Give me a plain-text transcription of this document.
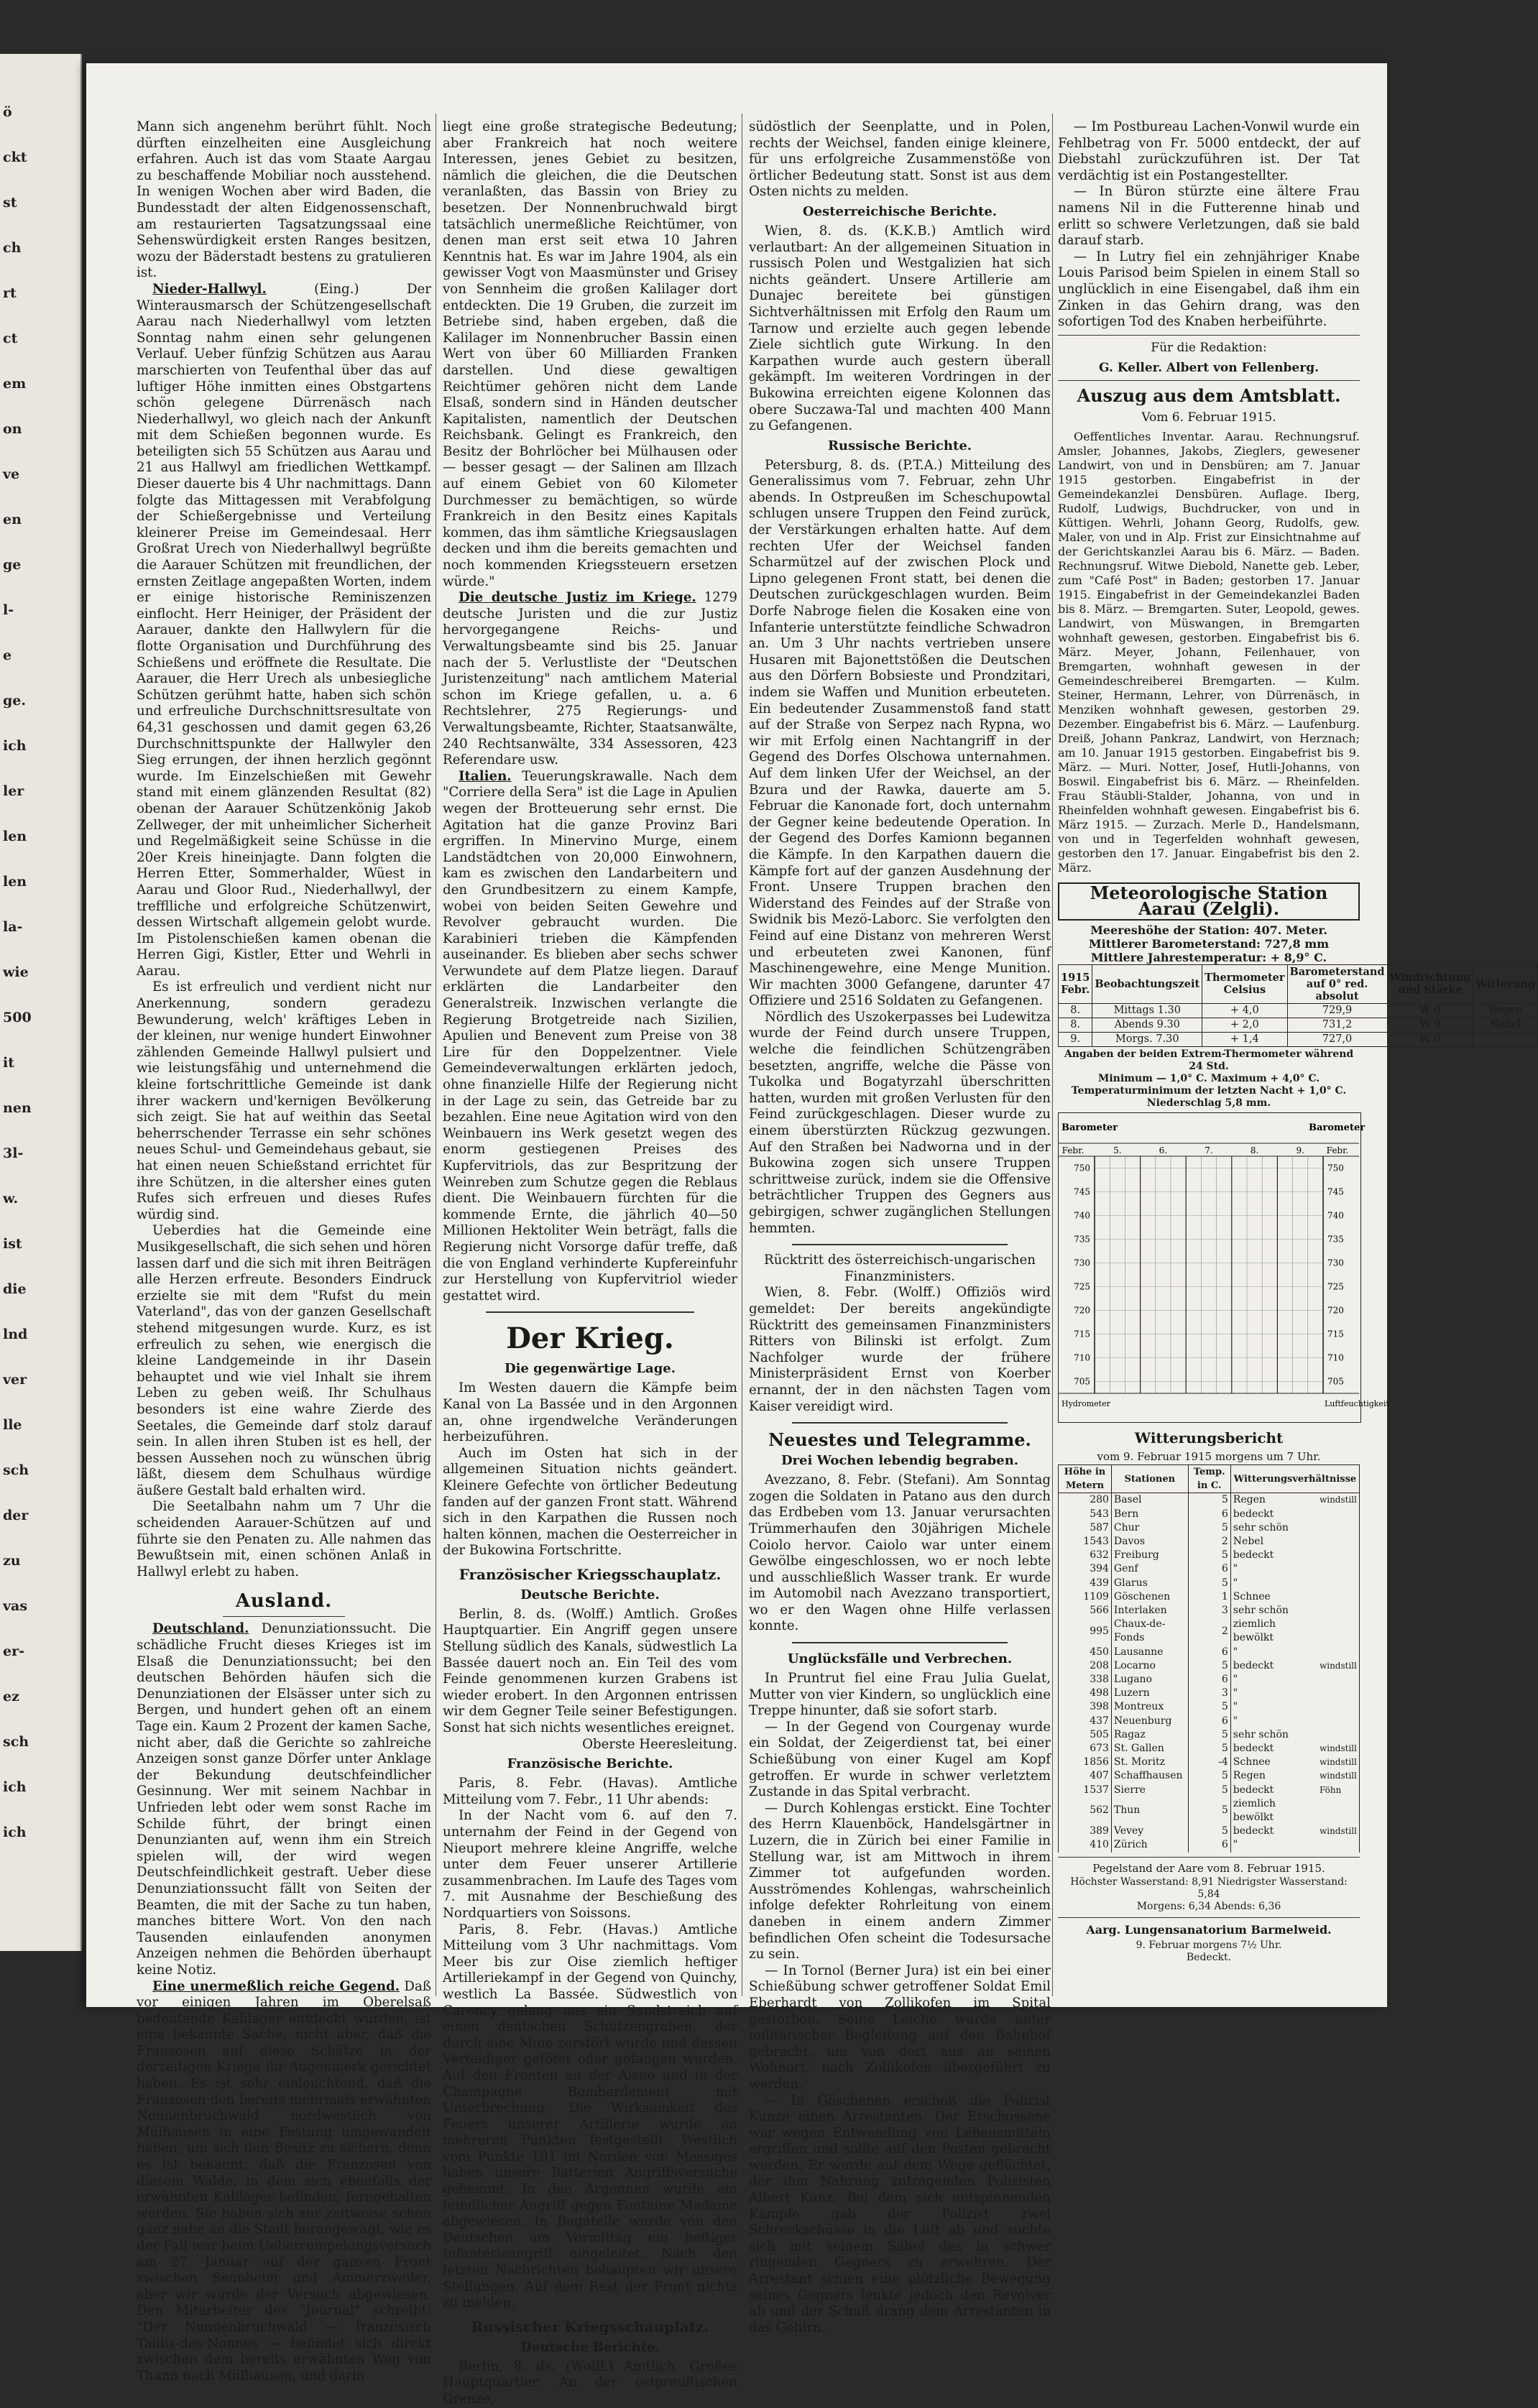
ö
ckt
st
ch
rt
ct
em
on
ve
en
ge
l-
e
ge.
ich
ler
len
len
la-
wie
500
it
nen
3l-
w.
ist
die
lnd
ver
lle
sch
der
zu
vas
er-
ez
sch
ich
ich

Mann sich angenehm berührt fühlt. Noch dürften einzelheiten eine Ausgleichung erfahren. Auch ist das vom Staate Aargau zu beschaffende Mobiliar noch ausstehend. In wenigen Wochen aber wird Baden, die Bundesstadt der alten Eidgenossenschaft, am restaurierten Tagsatzungssaal eine Sehenswürdigkeit ersten Ranges besitzen, wozu der Bäderstadt bestens zu gratulieren ist.

Nieder-Hallwyl. (Eing.) Der Winterausmarsch der Schützengesellschaft Aarau nach Niederhallwyl vom letzten Sonntag nahm einen sehr gelungenen Verlauf. Ueber fünfzig Schützen aus Aarau marschierten von Teufenthal über das auf luftiger Höhe inmitten eines Obstgartens schön gelegene Dürrenäsch nach Niederhallwyl, wo gleich nach der Ankunft mit dem Schießen begonnen wurde. Es beteiligten sich 55 Schützen aus Aarau und 21 aus Hallwyl am friedlichen Wettkampf. Dieser dauerte bis 4 Uhr nachmittags. Dann folgte das Mittagessen mit Verabfolgung der Schießergebnisse und Verteilung kleinerer Preise im Gemeindesaal. Herr Großrat Urech von Niederhallwyl begrüßte die Aarauer Schützen mit freundlichen, der ernsten Zeitlage angepaßten Worten, indem er einige historische Reminiszenzen einflocht. Herr Heiniger, der Präsident der Aarauer, dankte den Hallwylern für die flotte Organisation und Durchführung des Schießens und eröffnete die Resultate. Die Aarauer, die Herr Urech als unbesiegliche Schützen gerühmt hatte, haben sich schön und erfreuliche Durchschnittsresultate von 64,31 geschossen und damit gegen 63,26 Durchschnittspunkte der Hallwyler den Sieg errungen, der ihnen herzlich gegönnt wurde. Im Einzelschießen mit Gewehr stand mit einem glänzenden Resultat (82) obenan der Aarauer Schützenkönig Jakob Zellweger, der mit unheimlicher Sicherheit und Regelmäßigkeit seine Schüsse in die 20er Kreis hineinjagte. Dann folgten die Herren Etter, Sommerhalder, Wüest in Aarau und Gloor Rud., Niederhallwyl, der trefflliche und erfolgreiche Schützenwirt, dessen Wirtschaft allgemein gelobt wurde. Im Pistolenschießen kamen obenan die Herren Gigi, Kistler, Etter und Wehrli in Aarau.

Es ist erfreulich und verdient nicht nur Anerkennung, sondern geradezu Bewunderung, welch' kräftiges Leben in der kleinen, nur wenige hundert Einwohner zählenden Gemeinde Hallwyl pulsiert und wie leistungsfähig und unternehmend die kleine fortschrittliche Gemeinde ist dank ihrer wackern und'kernigen Bevölkerung sich zeigt. Sie hat auf weithin das Seetal beherrschender Terrasse ein sehr schönes neues Schul- und Gemeindehaus gebaut, sie hat einen neuen Schießstand errichtet für ihre Schützen, in die altersher eines guten Rufes sich erfreuen und dieses Rufes würdig sind.

Ueberdies hat die Gemeinde eine Musikgesellschaft, die sich sehen und hören lassen darf und die sich mit ihren Beiträgen alle Herzen erfreute. Besonders Eindruck erzielte sie mit dem "Rufst du mein Vaterland", das von der ganzen Gesellschaft stehend mitgesungen wurde. Kurz, es ist erfreulich zu sehen, wie energisch die kleine Landgemeinde in ihr Dasein behauptet und wie viel Inhalt sie ihrem Leben zu geben weiß. Ihr Schulhaus besonders ist eine wahre Zierde des Seetales, die Gemeinde darf stolz darauf sein. In allen ihren Stuben ist es hell, der bessen Aussehen noch zu wünschen übrig läßt, diesem dem Schulhaus würdige äußere Gestalt bald erhalten wird.

Die Seetalbahn nahm um 7 Uhr die scheidenden Aarauer-Schützen auf und führte sie den Penaten zu. Alle nahmen das Bewußtsein mit, einen schönen Anlaß in Hallwyl erlebt zu haben.

Ausland.

Deutschland. Denunziationssucht. Die schädliche Frucht dieses Krieges ist im Elsaß die Denunziationssucht; bei den deutschen Behörden häufen sich die Denunziationen der Elsässer unter sich zu Bergen, und hundert gehen oft an einem Tage ein. Kaum 2 Prozent der kamen Sache, nicht aber, daß die Gerichte so zahlreiche Anzeigen sonst ganze Dörfer unter Anklage der Bekundung deutschfeindlicher Gesinnung. Wer mit seinem Nachbar in Unfrieden lebt oder wem sonst Rache im Schilde führt, der bringt einen Denunzianten auf, wenn ihm ein Streich spielen will, der wird wegen Deutschfeindlichkeit gestraft. Ueber diese Denunziationssucht fällt von Seiten der Beamten, die mit der Sache zu tun haben, manches bittere Wort. Von den nach Tausenden einlaufenden anonymen Anzeigen nehmen die Behörden überhaupt keine Notiz.

Eine unermeßlich reiche Gegend. Daß vor einigen Jahren im Oberelsaß bedeutende Kalilager entdeckt wurden, ist eine bekannte Sache, nicht aber, daß die Franzosen auf diese Schätze in der derzeitigen Kriege ihr Augenmerk gerichtet haben. Es ist sehr einleuchtend, daß die Franzosen den bereits mehrmals erwähnten Nonnenbruchwald nordwestlich von Mülhausen in eine Festung umgewandelt haben, um sich den Besitz zu sichern, denn es ist bekannt, daß die Franzosen von diesem Walde, in dem sich ebenfalls der erwähnten Kalilager befinden, ferngehalten werden. Sie haben sich zur zeitweise schon ganz nahe an die Stadt herangewagt, wie es der Fall war beim Ueberrumpelungsversuch am 27. Januar auf der ganzen Front zwischen Sennheim und Ammerzweiler, aber wir wurde der Versuch abgewiesen. Den Mitarbeiter des "Journal" schreibt: "Der Nonnenbruchwald — französisch Taillis-des-Nonnes — befindet sich direkt zwischen dem bereits erwähnten Weg von Thann nach Mülhausen, und darin

liegt eine große strategische Bedeutung; aber Frankreich hat noch weitere Interessen, jenes Gebiet zu besitzen, nämlich die gleichen, die die Deutschen veranlaßten, das Bassin von Briey zu besetzen. Der Nonnenbruchwald birgt tatsächlich unermeßliche Reichtümer, von denen man erst seit etwa 10 Jahren Kenntnis hat. Es war im Jahre 1904, als ein gewisser Vogt von Maasmünster und Grisey von Sennheim die großen Kalilager dort entdeckten. Die 19 Gruben, die zurzeit im Betriebe sind, haben ergeben, daß die Kalilager im Nonnenbrucher Bassin einen Wert von über 60 Milliarden Franken darstellen. Und diese gewaltigen Reichtümer gehören nicht dem Lande Elsaß, sondern sind in Händen deutscher Kapitalisten, namentlich der Deutschen Reichsbank. Gelingt es Frankreich, den Besitz der Bohrlöcher bei Mülhausen oder — besser gesagt — der Salinen am Illzach auf einem Gebiet von 60 Kilometer Durchmesser zu bemächtigen, so würde Frankreich in den Besitz eines Kapitals kommen, das ihm sämtliche Kriegsauslagen decken und ihm die bereits gemachten und noch kommenden Kriegssteuern ersetzen würde."

Die deutsche Justiz im Kriege. 1279 deutsche Juristen und die zur Justiz hervorgegangene Reichs- und Verwaltungsbeamte sind bis 25. Januar nach der 5. Verlustliste der "Deutschen Juristenzeitung" nach amtlichem Material schon im Kriege gefallen, u. a. 6 Rechtslehrer, 275 Regierungs- und Verwaltungsbeamte, Richter, Staatsanwälte, 240 Rechtsanwälte, 334 Assessoren, 423 Referendare usw.

Italien. Teuerungskrawalle. Nach dem "Corriere della Sera" ist die Lage in Apulien wegen der Brotteuerung sehr ernst. Die Agitation hat die ganze Provinz Bari ergriffen. In Minervino Murge, einem Landstädtchen von 20,000 Einwohnern, kam es zwischen den Landarbeitern und den Grundbesitzern zu einem Kampfe, wobei von beiden Seiten Gewehre und Revolver gebraucht wurden. Die Karabinieri trieben die Kämpfenden auseinander. Es blieben aber sechs schwer Verwundete auf dem Platze liegen. Darauf erklärten die Landarbeiter den Generalstreik. Inzwischen verlangte die Regierung Brotgetreide nach Sizilien, Apulien und Benevent zum Preise von 38 Lire für den Doppelzentner. Viele Gemeindeverwaltungen erklärten jedoch, ohne finanzielle Hilfe der Regierung nicht in der Lage zu sein, das Getreide bar zu bezahlen. Eine neue Agitation wird von den Weinbauern ins Werk gesetzt wegen des enorm gestiegenen Preises des Kupfervitriols, das zur Bespritzung der Weinreben zum Schutze gegen die Reblaus dient. Die Weinbauern fürchten für die kommende Ernte, die jährlich 40—50 Millionen Hektoliter Wein beträgt, falls die Regierung nicht Vorsorge dafür treffe, daß die von England verhinderte Kupfereinfuhr zur Herstellung von Kupfervitriol wieder gestattet wird.

Der Krieg.
Die gegenwärtige Lage.

Im Westen dauern die Kämpfe beim Kanal von La Bassée und in den Argonnen an, ohne irgendwelche Veränderungen herbeizuführen.

Auch im Osten hat sich in der allgemeinen Situation nichts geändert. Kleinere Gefechte von örtlicher Bedeutung fanden auf der ganzen Front statt. Während sich in den Karpathen die Russen noch halten können, machen die Oesterreicher in der Bukowina Fortschritte.

Französischer Kriegsschauplatz.
Deutsche Berichte.

Berlin, 8. ds. (Wolff.) Amtlich. Großes Hauptquartier. Ein Angriff gegen unsere Stellung südlich des Kanals, südwestlich La Bassée dauert noch an. Ein Teil des vom Feinde genommenen kurzen Grabens ist wieder erobert. In den Argonnen entrissen wir dem Gegner Teile seiner Befestigungen. Sonst hat sich nichts wesentliches ereignet.

Oberste Heeresleitung.

Französische Berichte.

Paris, 8. Febr. (Havas). Amtliche Mitteilung vom 7. Febr., 11 Uhr abends:

In der Nacht vom 6. auf den 7. unternahm der Feind in der Gegend von Nieuport mehrere kleine Angriffe, welche unter dem Feuer unserer Artillerie zusammenbrachen. Im Laufe des Tages vom 7. mit Ausnahme der Beschießung des Nordquartiers von Soissons.

Paris, 8. Febr. (Havas.) Amtliche Mitteilung vom 3 Uhr nachmittags. Vom Meer bis zur Oise ziemlich heftiger Artilleriekampf in der Gegend von Quinchy, westlich La Bassée. Südwestlich von Carency gelang uns ein Sandstreich auf einen deutschen Schützengraben, der durch eine Mine zerstört wurde und dessen Verteidiger getötet oder gefangen wurden. Auf den Fronten an der Aisne und in der Champagne Bombardement mit Unterbrechung. Die Wirksamkeit des Feuers unserer Artillerie wurde an mehreren Punkten festgestellt. Westlich vom Punkte 191 im Norden von Massiges haben unsere Batterien Angriffsversuche gehemmt. In den Argonnen wurde ein feindlicher Angriff gegen Fontaine Madame abgewiesen. In Bagatelle wurde von den Deutschen am Vormittag ein heftiger Infanterieangriff eingeleitet. Nach den letzten Nachrichten behaupten wir unsere Stellungen. Auf dem Rest der Front nichts zu melden.

Russischer Kriegsschauplatz.
Deutsche Berichte.

Berlin, 8. ds. (Wolff.) Amtlich. Großes Hauptquartier. An der ostpreußischen Grenze,

südöstlich der Seenplatte, und in Polen, rechts der Weichsel, fanden einige kleinere, für uns erfolgreiche Zusammenstöße von örtlicher Bedeutung statt. Sonst ist aus dem Osten nichts zu melden.

Oesterreichische Berichte.

Wien, 8. ds. (K.K.B.) Amtlich wird verlautbart: An der allgemeinen Situation in russisch Polen und Westgalizien hat sich nichts geändert. Unsere Artillerie am Dunajec bereitete bei günstigen Sichtverhältnissen mit Erfolg den Raum um Tarnow und erzielte auch gegen lebende Ziele sichtlich gute Wirkung. In den Karpathen wurde auch gestern überall gekämpft. Im weiteren Vordringen in der Bukowina erreichten eigene Kolonnen das obere Suczawa-Tal und machten 400 Mann zu Gefangenen.

Russische Berichte.

Petersburg, 8. ds. (P.T.A.) Mitteilung des Generalissimus vom 7. Februar, zehn Uhr abends. In Ostpreußen im Scheschupowtal schlugen unsere Truppen den Feind zurück, der Verstärkungen erhalten hatte. Auf dem rechten Ufer der Weichsel fanden Scharmützel auf der zwischen Plock und Lipno gelegenen Front statt, bei denen die Deutschen zurückgeschlagen wurden. Beim Dorfe Nabroge fielen die Kosaken eine von Infanterie unterstützte feindliche Schwadron an. Um 3 Uhr nachts vertrieben unsere Husaren mit Bajonettstößen die Deutschen aus den Dörfern Bobsieste und Prondzitari, indem sie Waffen und Munition erbeuteten. Ein bedeutender Zusammenstoß fand statt auf der Straße von Serpez nach Rypna, wo wir mit Erfolg einen Nachtangriff in der Gegend des Dorfes Olschowa unternahmen. Auf dem linken Ufer der Weichsel, an der Bzura und der Rawka, dauerte am 5. Februar die Kanonade fort, doch unternahm der Gegner keine bedeutende Operation. In der Gegend des Dorfes Kamionn begannen die Kämpfe. In den Karpathen dauern die Kämpfe fort auf der ganzen Ausdehnung der Front. Unsere Truppen brachen den Widerstand des Feindes auf der Straße von Swidnik bis Mezö-Laborc. Sie verfolgten den Feind auf eine Distanz von mehreren Werst und erbeuteten zwei Kanonen, fünf Maschinengewehre, eine Menge Munition. Wir machten 3000 Gefangene, darunter 47 Offiziere und 2516 Soldaten zu Gefangenen.

Nördlich des Uszokerpasses bei Ludewitza wurde der Feind durch unsere Truppen, welche die feindlichen Schützengräben besetzten, angriffe, welche die Pässe von Tukolka und Bogatyrzahl überschritten hatten, wurden mit großen Verlusten für den Feind zurückgeschlagen. Dieser wurde zu einem überstürzten Rückzug gezwungen. Auf den Straßen bei Nadworna und in der Bukowina zogen sich unsere Truppen schrittweise zurück, indem sie die Offensive beträchtlicher Truppen des Gegners aus gebirgigen, schwer zugänglichen Stellungen hemmten.

Rücktritt des österreichisch-ungarischen Finanzministers.

Wien, 8. Febr. (Wolff.) Offiziös wird gemeldet: Der bereits angekündigte Rücktritt des gemeinsamen Finanzministers Ritters von Bilinski ist erfolgt. Zum Nachfolger wurde der frühere Ministerpräsident Ernst von Koerber ernannt, der in den nächsten Tagen vom Kaiser vereidigt wird.

Neuestes und Telegramme.
Drei Wochen lebendig begraben.

Avezzano, 8. Febr. (Stefani). Am Sonntag zogen die Soldaten in Patano aus den durch das Erdbeben vom 13. Januar verursachten Trümmerhaufen den 30jährigen Michele Coiolo hervor. Caiolo war unter einem Gewölbe eingeschlossen, wo er noch lebte und ausschließlich Wasser trank. Er wurde im Automobil nach Avezzano transportiert, wo er den Wagen ohne Hilfe verlassen konnte.

Unglücksfälle und Verbrechen.

In Pruntrut fiel eine Frau Julia Guelat, Mutter von vier Kindern, so unglücklich eine Treppe hinunter, daß sie sofort starb.

— In der Gegend von Courgenay wurde ein Soldat, der Zeigerdienst tat, bei einer Schießübung von einer Kugel am Kopf getroffen. Er wurde in schwer verletztem Zustande in das Spital verbracht.

— Durch Kohlengas erstickt. Eine Tochter des Herrn Klauenböck, Handelsgärtner in Luzern, die in Zürich bei einer Familie in Stellung war, ist am Mittwoch in ihrem Zimmer tot aufgefunden worden. Ausströmendes Kohlengas, wahrscheinlich infolge defekter Rohrleitung von einem daneben in einem andern Zimmer befindlichen Ofen scheint die Todesursache zu sein.

— In Tornol (Berner Jura) ist ein bei einer Schießübung schwer getroffener Soldat Emil Eberhardt von Zollikofen im Spital gestorben. Seine Leiche wurde unter militärischer Begleitung auf den Bahnhof gebracht, um von dort aus an seinen Wohnort, nach Zollikofen übergeführt zu werden.

— In Göschenen erschoß die Polizist Kunze einen Arrestanten. Der Erschossene war wegen Entwendung von Lebensmitteln ergriffen und sollte auf den Posten gebracht werden. Er wurde auf dem Wege geflüchtet, der ihm Nahrung zutragenden Polizisten Albert Kunz. Bei dem sich entspinnenden Kampfe gab der Polizist zwei Schreckschüsse in die Luft ab und suchte sich mit seinem Säbel des in schwer ringenden Gegners zu erwehren. Der Arrestant schien eine plötzliche Bewegung seines Gegners lenkte jedoch den Revolver ab und der Schuß drang dem Arrestanten in das Gehirn.

— Im Postbureau Lachen-Vonwil wurde ein Fehlbetrag von Fr. 5000 entdeckt, der auf Diebstahl zurückzuführen ist. Der Tat verdächtig ist ein Postangestellter.

— In Büron stürzte eine ältere Frau namens Nil in die Futterenne hinab und erlitt so schwere Verletzungen, daß sie bald darauf starb.

— In Lutry fiel ein zehnjähriger Knabe Louis Parisod beim Spielen in einem Stall so unglücklich in eine Eisengabel, daß ihm ein Zinken in das Gehirn drang, was den sofortigen Tod des Knaben herbeiführte.

Für die Redaktion:
G. Keller. Albert von Fellenberg.
Auszug aus dem Amtsblatt.
Vom 6. Februar 1915.

Oeffentliches Inventar. Aarau. Rechnungsruf. Amsler, Johannes, Jakobs, Zieglers, gewesener Landwirt, von und in Densbüren; am 7. Januar 1915 gestorben. Eingabefrist in der Gemeindekanzlei Densbüren. Auflage. Iberg, Rudolf, Ludwigs, Buchdrucker, von und in Küttigen. Wehrli, Johann Georg, Rudolfs, gew. Maler, von und in Alp. Frist zur Einsichtnahme auf der Gerichtskanzlei Aarau bis 6. März. — Baden. Rechnungsruf. Witwe Diebold, Nanette geb. Leber, zum "Café Post" in Baden; gestorben 17. Januar 1915. Eingabefrist in der Gemeindekanzlei Baden bis 8. März. — Bremgarten. Suter, Leopold, gewes. Landwirt, von Müswangen, in Bremgarten wohnhaft gewesen, gestorben. Eingabefrist bis 6. März. Meyer, Johann, Feilenhauer, von Bremgarten, wohnhaft gewesen in der Gemeindeschreiberei Bremgarten. — Kulm. Steiner, Hermann, Lehrer, von Dürrenäsch, in Menziken wohnhaft gewesen, gestorben 29. Dezember. Eingabefrist bis 6. März. — Laufenburg. Dreiß, Johann Pankraz, Landwirt, von Herznach; am 10. Januar 1915 gestorben. Eingabefrist bis 9. März. — Muri. Notter, Josef, Hutli-Johanns, von Boswil. Eingabefrist bis 6. März. — Rheinfelden. Frau Stäubli-Stalder, Johanna, von und in Rheinfelden wohnhaft gewesen. Eingabefrist bis 6. März 1915. — Zurzach. Merle D., Handelsmann, von und in Tegerfelden wohnhaft gewesen, gestorben den 17. Januar. Eingabefrist bis den 2. März.

Meteorologische Station Aarau (Zelgli).
Meereshöhe der Station: 407. Meter.
Mittlerer Barometerstand: 727,8 mm
Mittlere Jahrestemperatur: + 8,9° C.
1915 Febr.	Beobachtungszeit	Thermometer Celsius	Barometerstand auf 0° red. absolut	Windrichtung und Stärke	Witterung
8.	Mittags 1.30	+ 4,0	729,9	W 0	Regen
8.	Abends 9.30	+ 2,0	731,2	W 0	Nebel
9.	Morgs. 7.30	+ 1,4	727,0	W 0	
Angaben der beiden Extrem-Thermometer während 24 Std.
Minimum — 1,0° C. Maximum + 4,0° C.
Temperaturminimum der letzten Nacht + 1,0° C.
Niederschlag 5,8 mm.
Barometer	Barometer
Febr.	5.	6.	7.	8.	9.	Febr.
750	750
745	745
740	740
735	735
730	730
725	725
720	720
715	715
710	710
705	705
Hydrometer	Luftfeuchtigkeit
Witterungsbericht
vom 9. Februar 1915 morgens um 7 Uhr.
Höhe in Metern	Stationen	Temp. in C.	Witterungsverhältnisse	
280	Basel	5	Regen	windstill
543	Bern	6	bedeckt	
587	Chur	5	sehr schön	
1543	Davos	2	Nebel	
632	Freiburg	5	bedeckt	
394	Genf	6	"	
439	Glarus	5	"	
1109	Göschenen	1	Schnee	
566	Interlaken	3	sehr schön	
995	Chaux-de-Fonds	2	ziemlich bewölkt	
450	Lausanne	6	"	
208	Locarno	5	bedeckt	windstill
338	Lugano	6	"	
498	Luzern	3	"	
398	Montreux	5	"	
437	Neuenburg	6	"	
505	Ragaz	5	sehr schön	
673	St. Gallen	5	bedeckt	windstill
1856	St. Moritz	-4	Schnee	windstill
407	Schaffhausen	5	Regen	windstill
1537	Sierre	5	bedeckt	Föhn
562	Thun	5	ziemlich bewölkt	
389	Vevey	5	bedeckt	windstill
410	Zürich	6	"	
Pegelstand der Aare vom 8. Februar 1915.
Höchster Wasserstand: 8,91 Niedrigster Wasserstand: 5,84
Morgens: 6,34 Abends: 6,36
Aarg. Lungensanatorium Barmelweid.
9. Februar morgens 7½ Uhr.
Bedeckt.
